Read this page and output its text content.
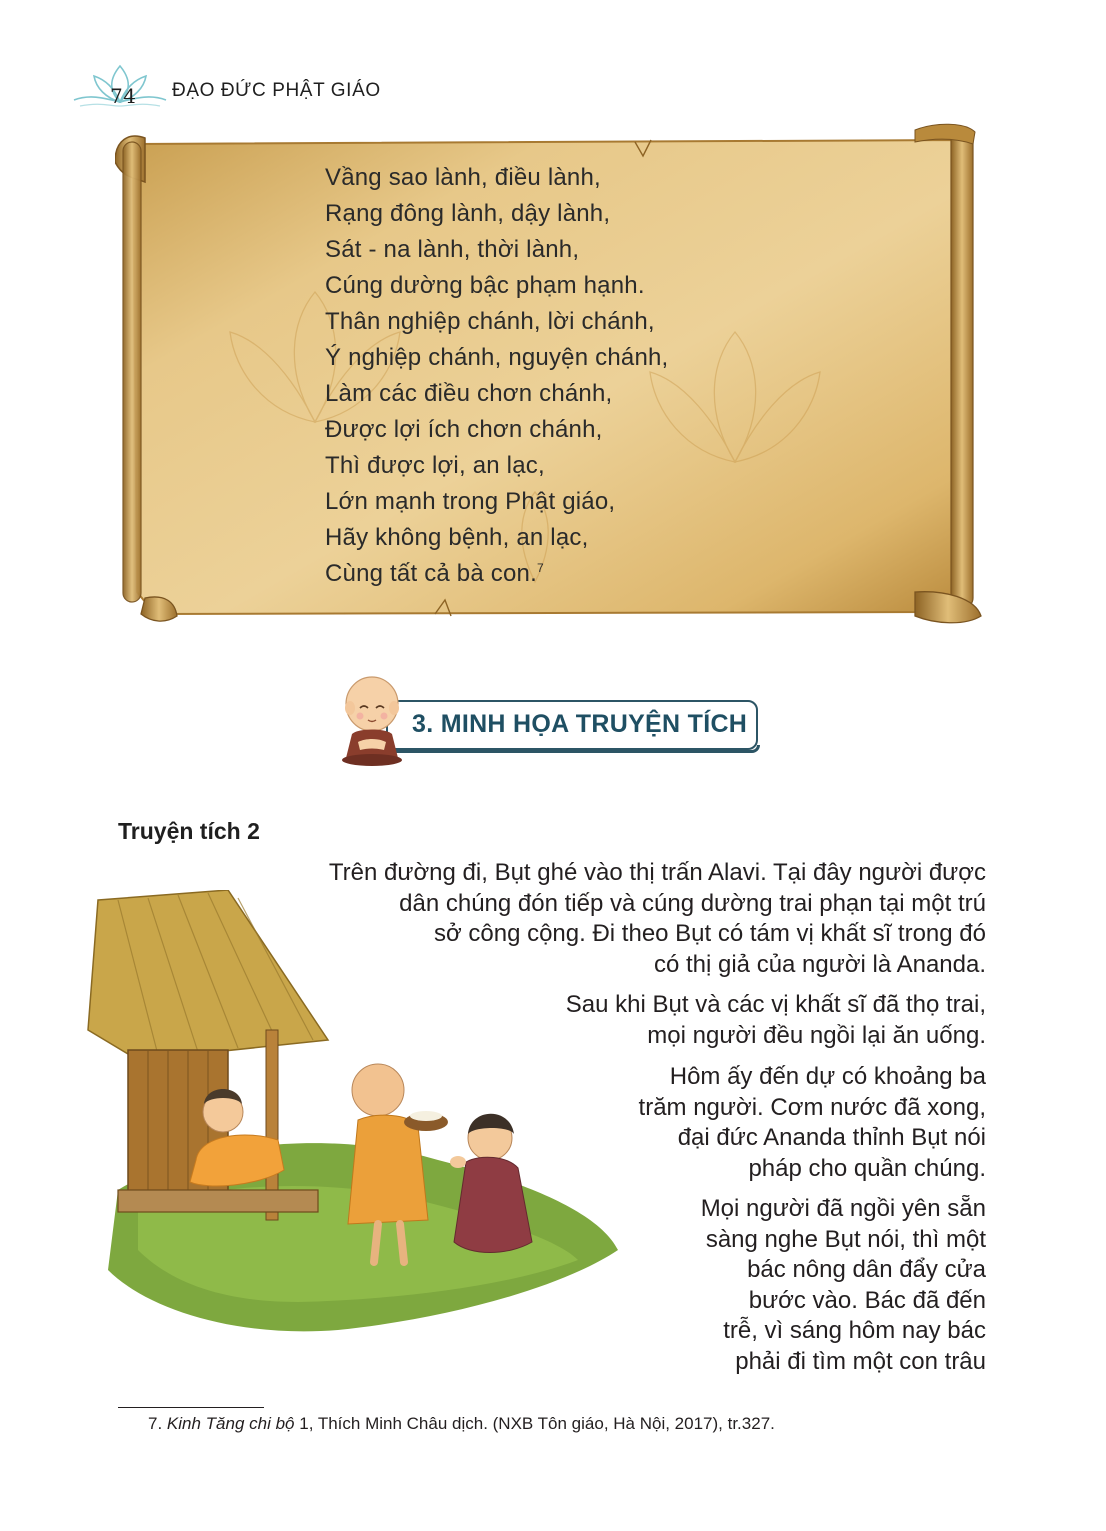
74 ĐẠO ĐỨC PHẬT GIÁO
Vầng sao lành, điều lành,
Rạng đông lành, dậy lành,
Sát - na lành, thời lành,
Cúng dường bậc phạm hạnh.
Thân nghiệp chánh, lời chánh,
Ý nghiệp chánh, nguyện chánh,
Làm các điều chơn chánh,
Được lợi ích chơn chánh,
Thì được lợi, an lạc,
Lớn mạnh trong Phật giáo,
Hãy không bệnh, an lạc,
Cùng tất cả bà con.$^7$
3. MINH HỌA TRUYỆN TÍCH
Truyện tích 2
Trên đường đi, Bụt ghé vào thị trấn Alavi. Tại đây người được
dân chúng đón tiếp và cúng dường trai phạn tại một trú
sở công cộng. Đi theo Bụt có tám vị khất sĩ trong đó
có thị giả của người là Ananda.
Sau khi Bụt và các vị khất sĩ đã thọ trai,
mọi người đều ngồi lại ăn uống.
Hôm ấy đến dự có khoảng ba
trăm người. Cơm nước đã xong,
đại đức Ananda thỉnh Bụt nói
pháp cho quần chúng.
Mọi người đã ngồi yên sẵn
sàng nghe Bụt nói, thì một
bác nông dân đẩy cửa
bước vào. Bác đã đến
trễ, vì sáng hôm nay bác
phải đi tìm một con trâu
7. Kinh Tăng chi bộ 1, Thích Minh Châu dịch. (NXB Tôn giáo, Hà Nội, 2017), tr.327.
